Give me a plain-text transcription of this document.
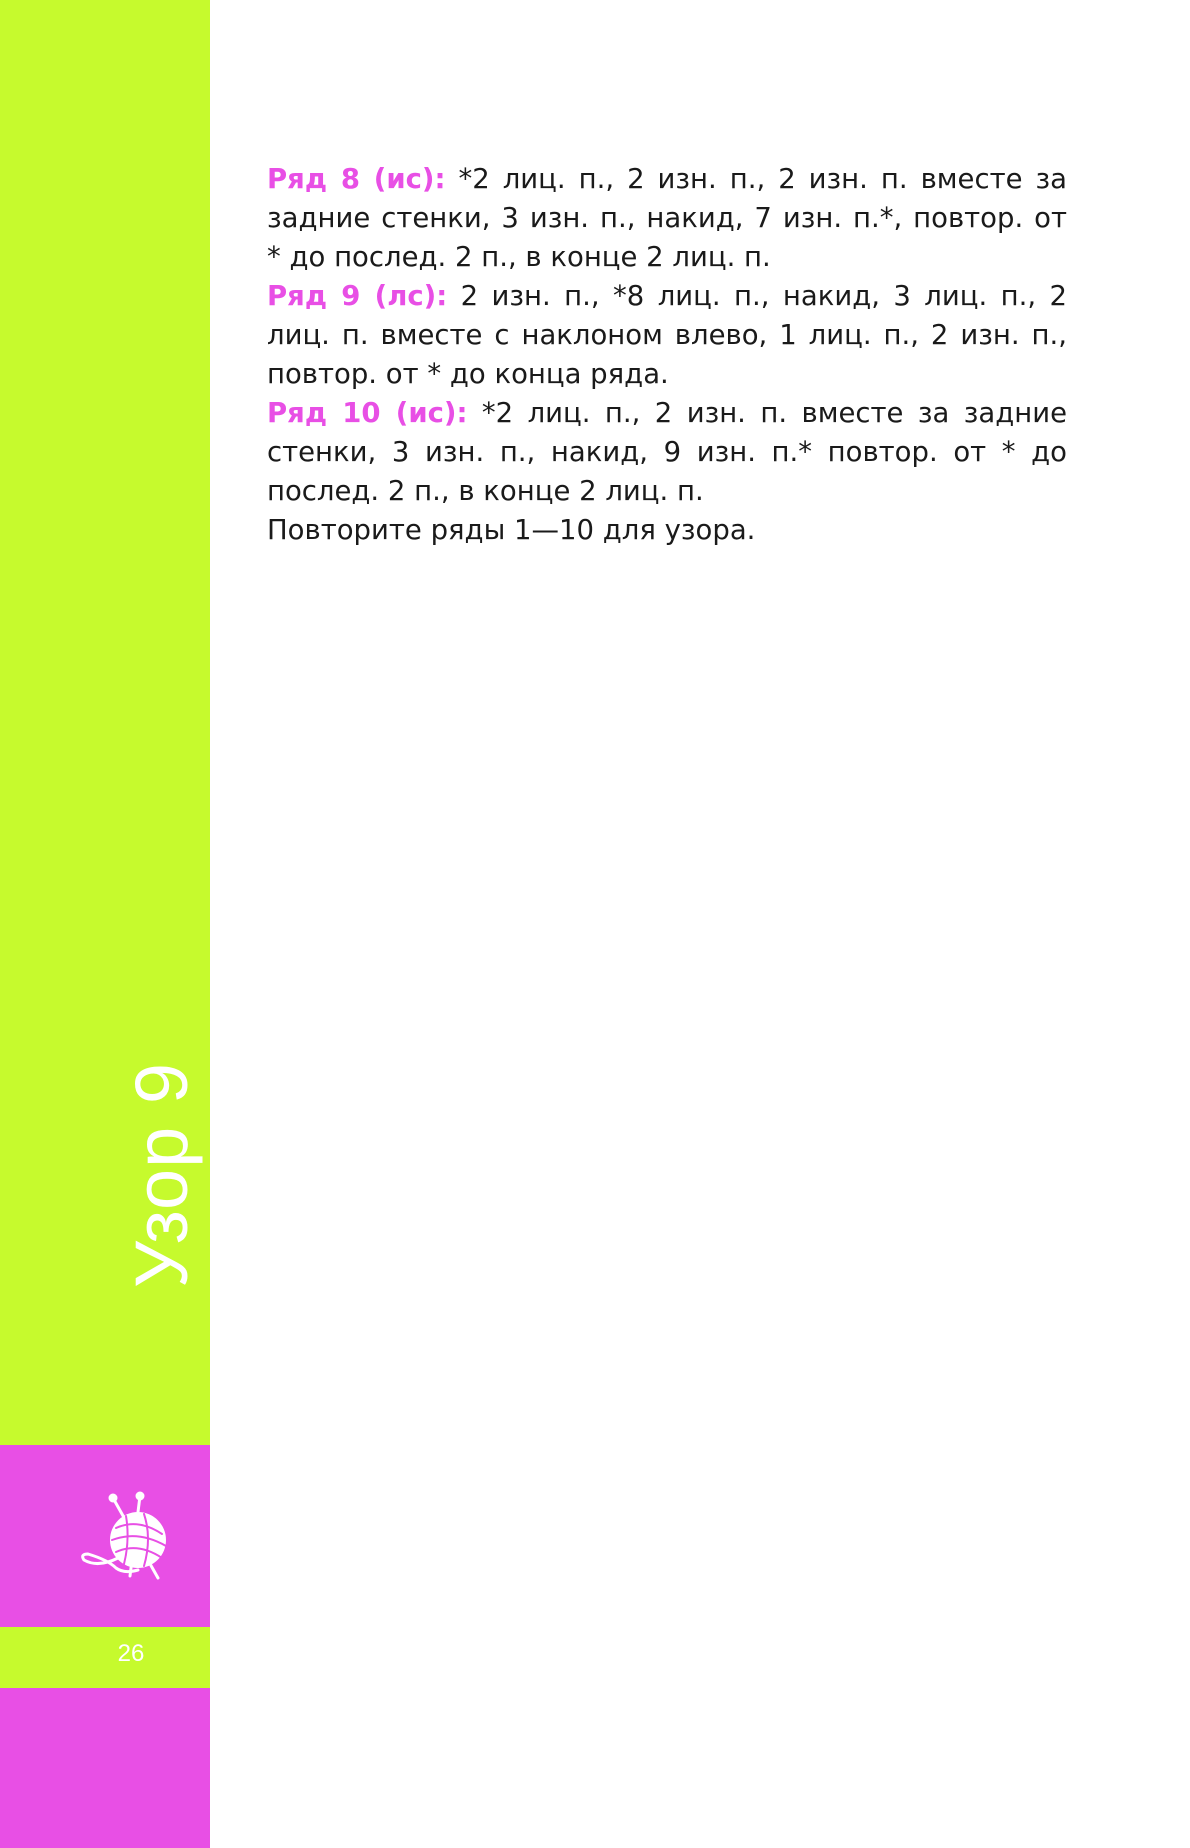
Узор 9
26

Ряд 8 (ис): *2 лиц. п., 2 изн. п., 2 изн. п. вместе за задние стенки, 3 изн. п., накид, 7 изн. п.*, повтор. от * до послед. 2 п., в конце 2 лиц. п.

Ряд 9 (лс): 2 изн. п., *8 лиц. п., накид, 3 лиц. п., 2 лиц. п. вместе с наклоном влево, 1 лиц. п., 2 изн. п., повтор. от * до конца ряда.

Ряд 10 (ис): *2 лиц. п., 2 изн. п. вместе за задние стенки, 3 изн. п., накид, 9 изн. п.* повтор. от * до послед. 2 п., в конце 2 лиц. п.

Повторите ряды 1—10 для узора.
